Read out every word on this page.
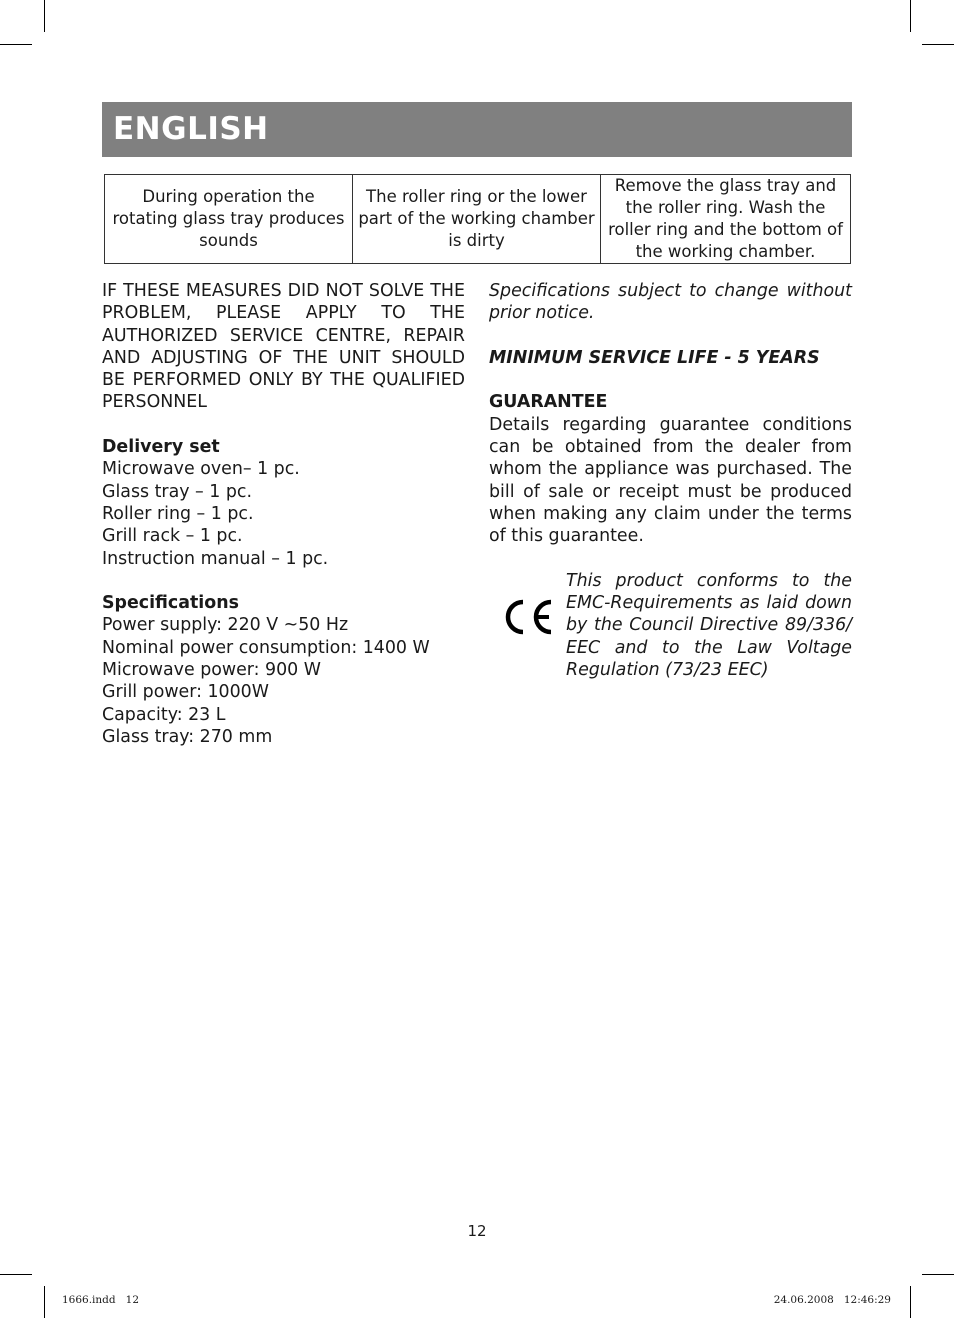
ENGLISH
During operation the rotating glass tray produces sounds	The roller ring or the lower part of the working chamber is dirty	Remove the glass tray and the roller ring. Wash the roller ring and the bottom of the working chamber.

IF THESE MEASURES DID NOT SOLVE THE PROBLEM, PLEASE APPLY TO THE AUTHORIZED SERVICE CENTRE, REPAIR AND ADJUSTING OF THE UNIT SHOULD BE PERFORMED ONLY BY THE QUALIFIED PERSONNEL

Delivery set

Microwave oven– 1 pc.

Glass tray – 1 pc.

Roller ring – 1 pc.

Grill rack – 1 pc.

Instruction manual – 1 pc.

Specifications

Power supply: 220 V ~50 Hz

Nominal power consumption: 1400 W

Microwave power: 900 W

Grill power: 1000W

Capacity: 23 L

Glass tray: 270 mm

Specifications subject to change without prior notice.

MINIMUM SERVICE LIFE - 5 YEARS

GUARANTEE

Details regarding guarantee conditions can be obtained from the dealer from whom the appliance was purchased. The bill of sale or receipt must be produced when making any claim under the terms of this guarantee.

This product conforms to the EMC-Requirements as laid down by the Council Directive 89/336/ EEC and to the Law Voltage Regulation (73/23 EEC)

12
1666.indd   12	24.06.2008   12:46:29
